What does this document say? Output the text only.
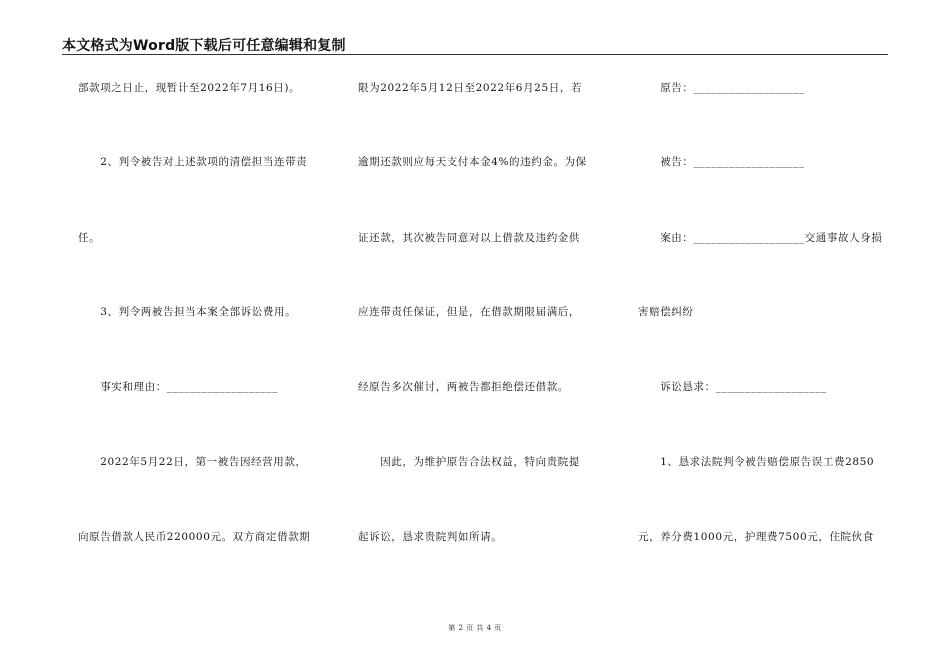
本文格式为Word版下载后可任意编辑和复制
部款项之日止，现暂计至2022年7月16日)。
　　2、判令被告对上述款项的清偿担当连带责
任。
　　3、判令两被告担当本案全部诉讼费用。
　　事实和理由：___________________
　　2022年5月22日，第一被告因经营用款，
向原告借款人民币220000元。双方商定借款期
限为2022年5月12日至2022年6月25日，若
逾期还款则应每天支付本金4%的违约金。为保
证还款，其次被告同意对以上借款及违约金供
应连带责任保证，但是，在借款期限届满后，
经原告多次催讨，两被告都拒绝偿还借款。
　　因此，为维护原告合法权益，特向贵院提
起诉讼，恳求贵院判如所请。
　　原告：___________________
　　被告：___________________
　　案由：___________________交通事故人身损
害赔偿纠纷
　　诉讼恳求：___________________
　　1、恳求法院判令被告赔偿原告误工费2850
元，养分费1000元，护理费7500元，住院伙食
第 2 页 共 4 页
